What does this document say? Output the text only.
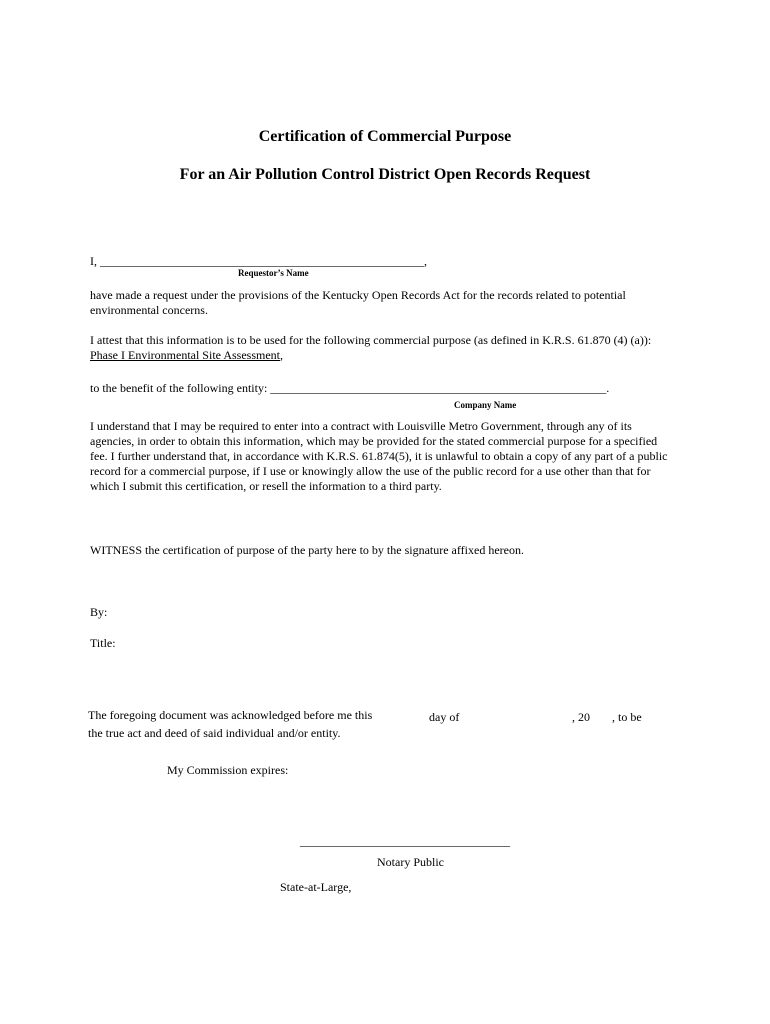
Certification of Commercial Purpose
For an Air Pollution Control District Open Records Request
I, ______________________________________________________,
Requestor’s Name
have made a request under the provisions of the Kentucky Open Records Act for the records related to potential environmental concerns.
I attest that this information is to be used for the following commercial purpose (as defined in K.R.S. 61.870 (4) (a)): Phase I Environmental Site Assessment,
to the benefit of the following entity: ________________________________________________________.
Company Name
I understand that I may be required to enter into a contract with Louisville Metro Government, through any of its agencies, in order to obtain this information, which may be provided for the stated commercial purpose for a specified fee. I further understand that, in accordance with K.R.S. 61.874(5), it is unlawful to obtain a copy of any part of a public record for a commercial purpose, if I use or knowingly allow the use of the public record for a use other than that for which I submit this certification, or resell the information to a third party.
WITNESS the certification of purpose of the party here to by the signature affixed hereon.
By:
Title:
The foregoing document was acknowledged before me this	day of	, 20 , to be
the true act and deed of said individual and/or entity.
My Commission expires:
___________________________________
Notary Public
State-at-Large,
